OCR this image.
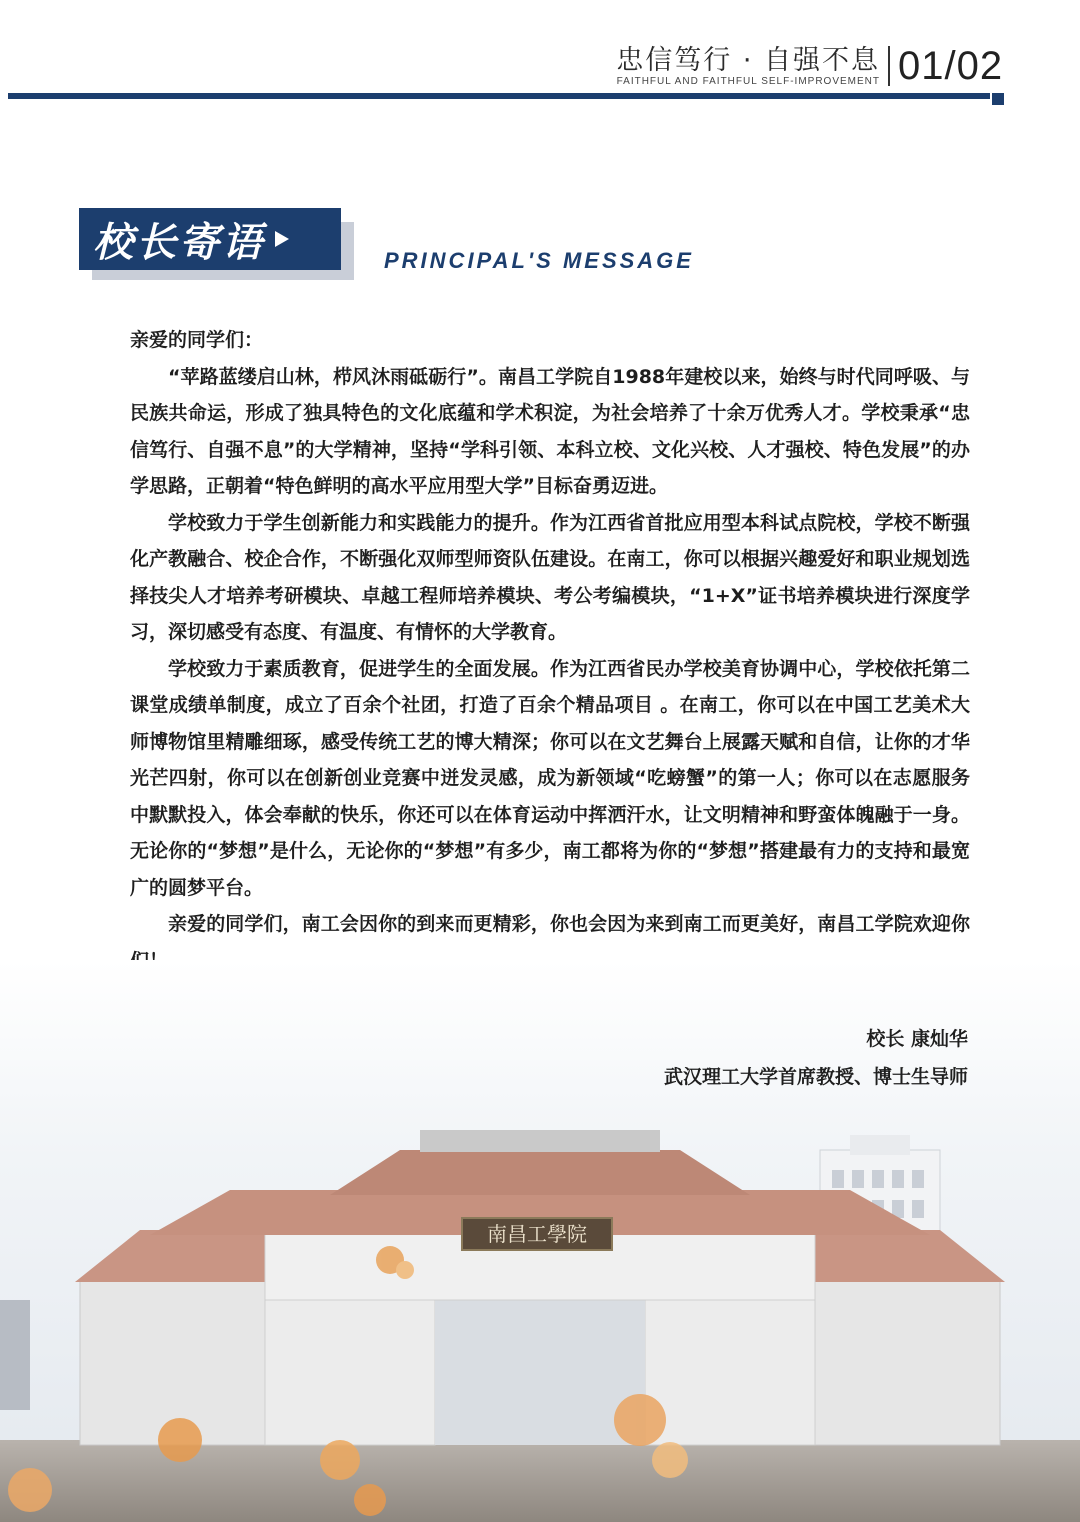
忠信笃行 · 自强不息
FAITHFUL AND FAITHFUL SELF-IMPROVEMENT 01/02
校长寄语	PRINCIPAL'S MESSAGE

亲爱的同学们：

“苹路蓝缕启山林，栉风沐雨砥砺行”。南昌工学院自1988年建校以来，始终与时代同呼吸、与民族共命运，形成了独具特色的文化底蕴和学术积淀，为社会培养了十余万优秀人才。学校秉承“忠信笃行、自强不息”的大学精神，坚持“学科引领、本科立校、文化兴校、人才强校、特色发展”的办学思路，正朝着“特色鲜明的高水平应用型大学”目标奋勇迈进。

学校致力于学生创新能力和实践能力的提升。作为江西省首批应用型本科试点院校，学校不断强化产教融合、校企合作，不断强化双师型师资队伍建设。在南工，你可以根据兴趣爱好和职业规划选择技尖人才培养考研模块、卓越工程师培养模块、考公考编模块，“1+X”证书培养模块进行深度学习，深切感受有态度、有温度、有情怀的大学教育。

学校致力于素质教育，促进学生的全面发展。作为江西省民办学校美育协调中心，学校依托第二课堂成绩单制度，成立了百余个社团，打造了百余个精品项目 。在南工，你可以在中国工艺美术大师博物馆里精雕细琢，感受传统工艺的博大精深；你可以在文艺舞台上展露天赋和自信，让你的才华光芒四射，你可以在创新创业竞赛中迸发灵感，成为新领域“吃螃蟹”的第一人；你可以在志愿服务中默默投入，体会奉献的快乐，你还可以在体育运动中挥洒汗水，让文明精神和野蛮体魄融于一身。无论你的“梦想”是什么，无论你的“梦想”有多少，南工都将为你的“梦想”搭建最有力的支持和最宽广的圆梦平台。

亲爱的同学们，南工会因你的到来而更精彩，你也会因为来到南工而更美好，南昌工学院欢迎你

南昌工學院
校长 康灿华
武汉理工大学首席教授、博士生导师
